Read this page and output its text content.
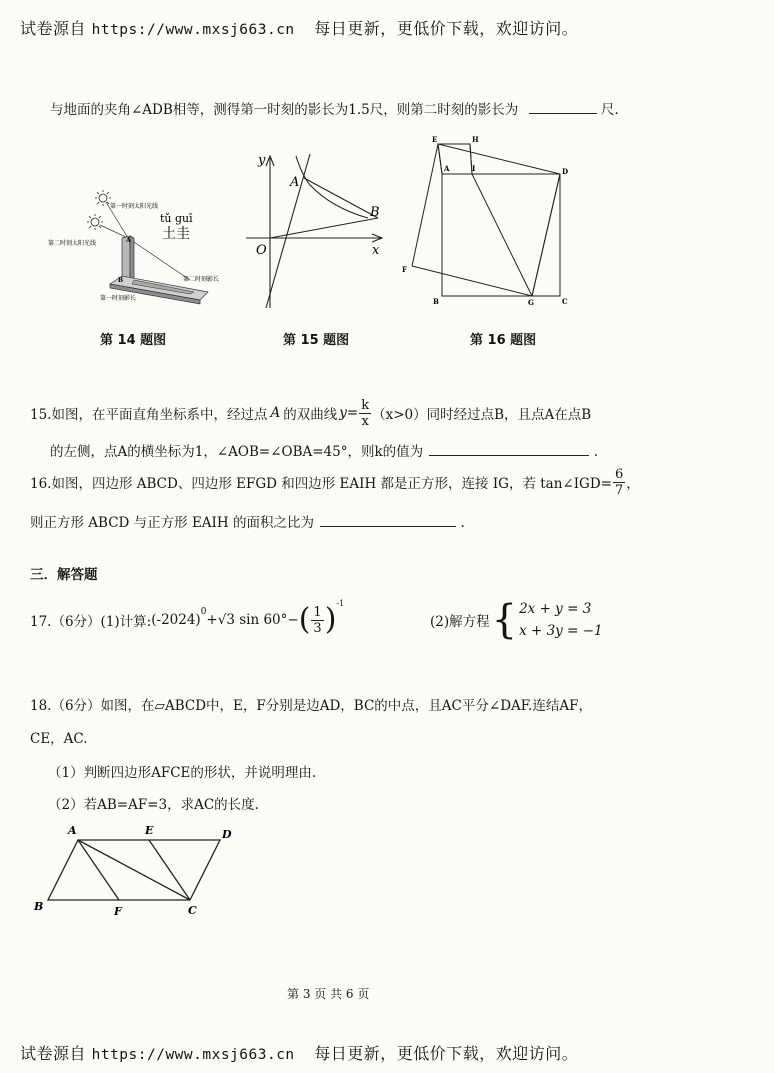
试卷源自 https://www.mxsj663.cn 每日更新，更低价下载，欢迎访问。
与地面的夹角∠ADB相等，测得第一时刻的影长为1.5尺，则第二时刻的影长为	尺.
第一时刻太阳光线
第二时刻太阳光线
tǔ guī
土圭
A
B	第二时刻影长
第一时刻影长
第 14 题图
y
x
O
A
B
第 15 题图
E	H
A	I	D
F
B	G	C
第 16 题图
15.如图，在平面直角坐标系中，经过点 A 的双曲线 $y= \frac{k}{x} (x>0)$ 同时经过点B，且点A在点B
的左侧，点A的横坐标为1，∠AOB=∠OBA=45°，则k的值为	.
16.如图，四边形 ABCD、四边形 EFGD 和四边形 EAIH 都是正方形，连接 IG，若 tan∠IGD= $\frac{6}{7}$ ，
则正方形 ABCD 与正方形 EAIH 的面积之比为	.
三．解答题
17.（6分）(1)计算: $(-2024)^0 +√3$ sin 60°− ( $\frac{1}{3} )^{-1}$
(2)解方程 { 2x + y = 3
x + 3y = −1
18.（6分）如图，在▱ABCD中，E，F分别是边AD，BC的中点，且AC平分∠DAF.连结AF，
CE，AC.
（1）判断四边形AFCE的形状，并说明理由.
（2）若AB=AF=3，求AC的长度.
A	E	D
B	F	C
第 3 页 共 6 页
试卷源自 https://www.mxsj663.cn 每日更新，更低价下载，欢迎访问。
